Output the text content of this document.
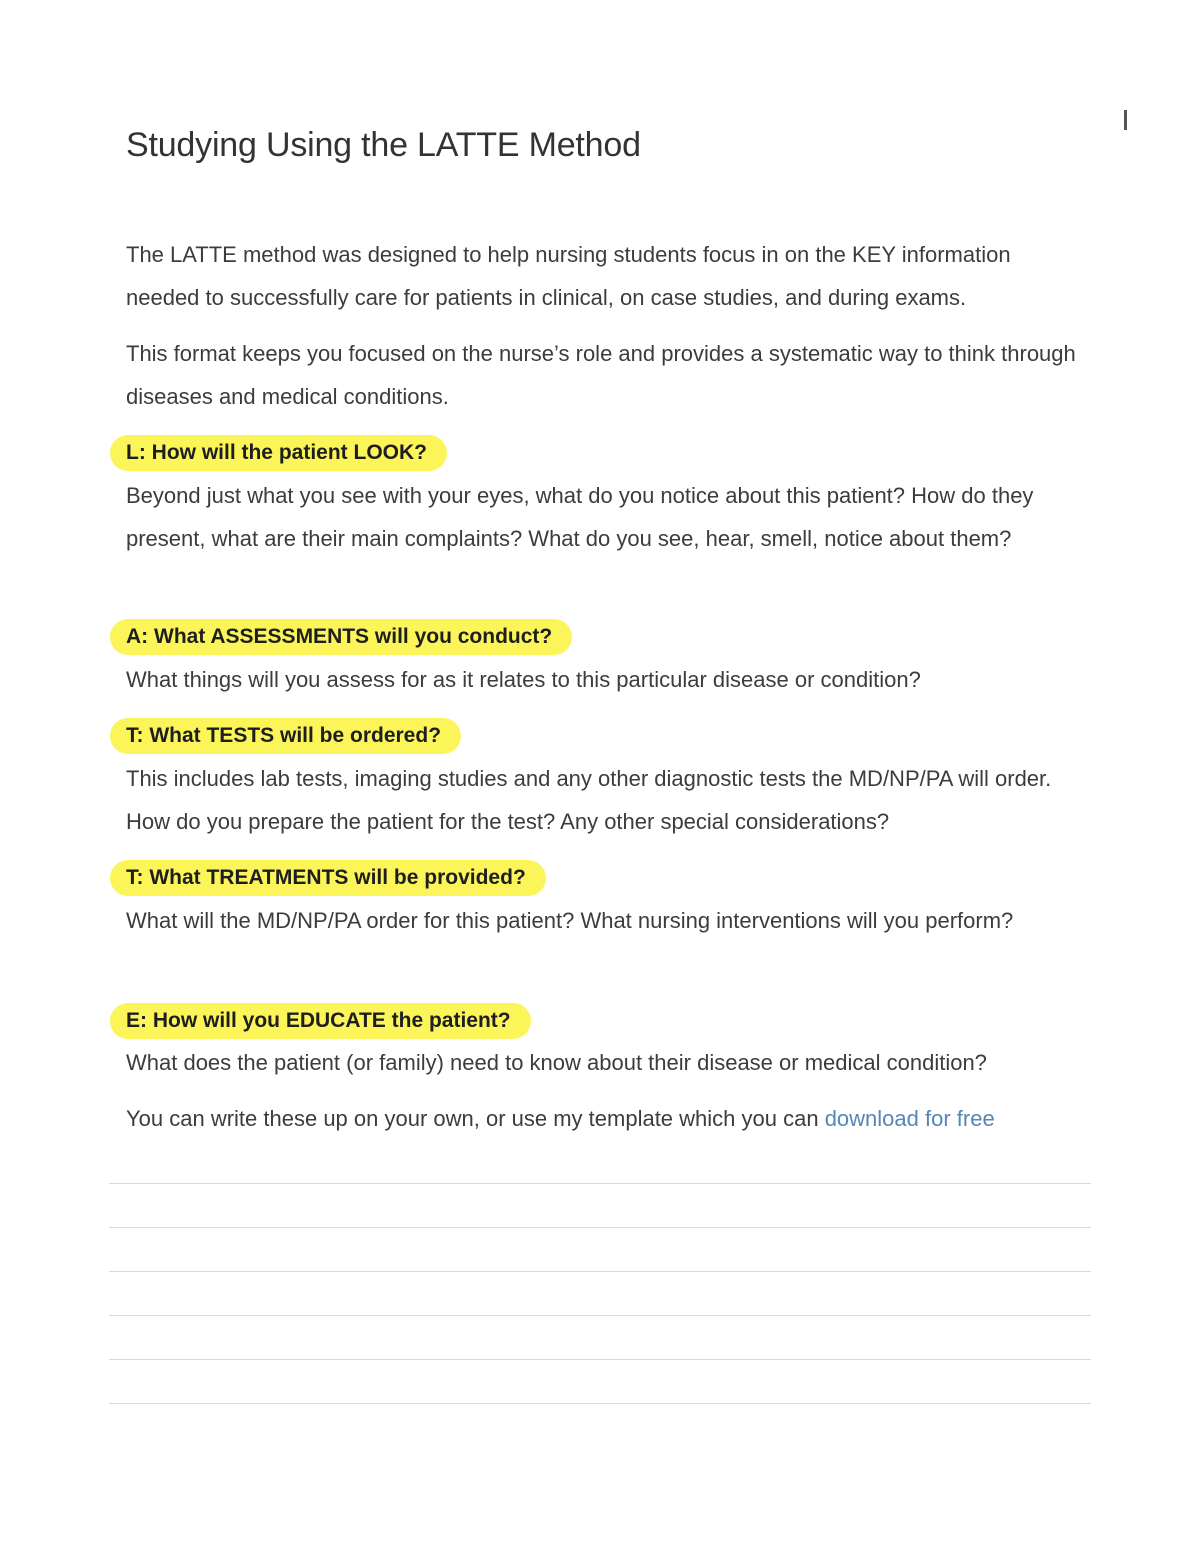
Studying Using the LATTE Method

The LATTE method was designed to help nursing students focus in on the KEY information needed to successfully care for patients in clinical, on case studies, and during exams.

This format keeps you focused on the nurse’s role and provides a systematic way to think through diseases and medical conditions.

L: How will the patient LOOK?

Beyond just what you see with your eyes, what do you notice about this patient? How do they present, what are their main complaints? What do you see, hear, smell, notice about them?

A: What ASSESSMENTS will you conduct?

What things will you assess for as it relates to this particular disease or condition?

T: What TESTS will be ordered?

This includes lab tests, imaging studies and any other diagnostic tests the MD/NP/PA will order. How do you prepare the patient for the test? Any other special considerations?

T: What TREATMENTS will be provided?

What will the MD/NP/PA order for this patient? What nursing interventions will you perform?

E: How will you EDUCATE the patient?

What does the patient (or family) need to know about their disease or medical condition?

You can write these up on your own, or use my template which you can download for free
